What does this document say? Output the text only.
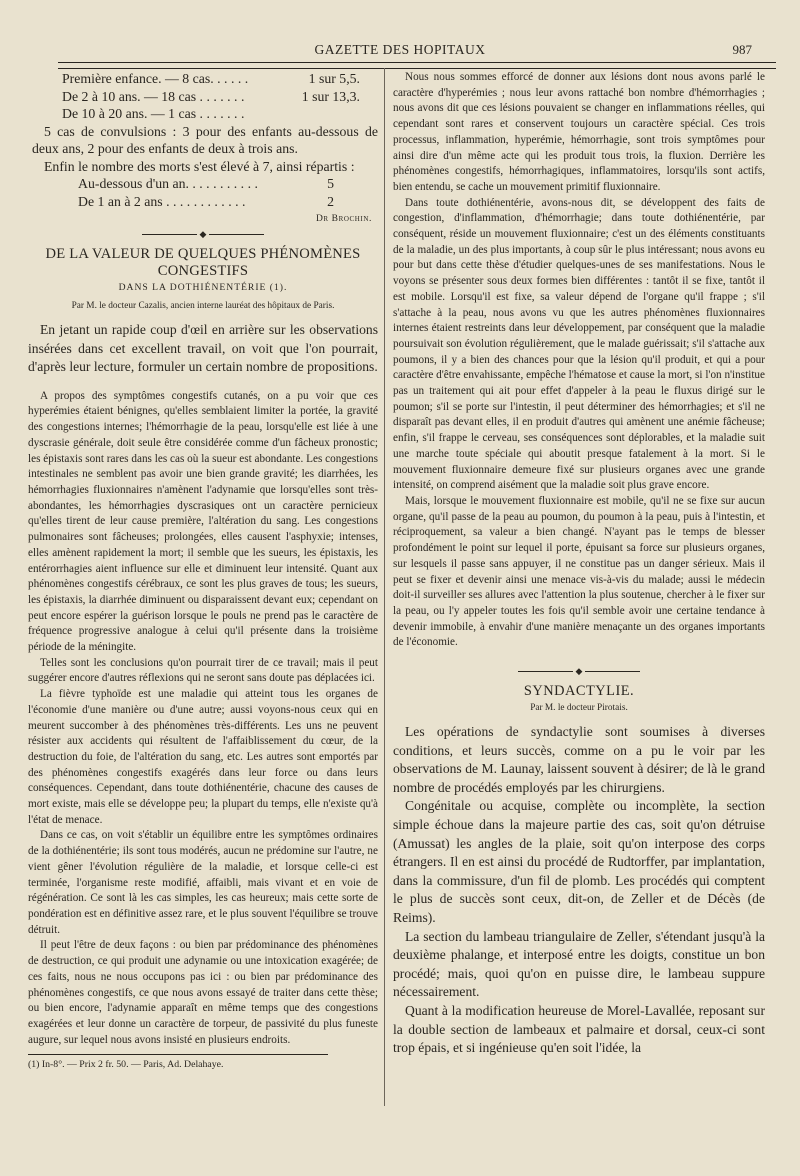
GAZETTE DES HOPITAUX	987
Première enfance. — 8 cas. . . . . .	1 sur 5,5.
De 2 à 10 ans. — 18 cas . . . . . . .	1 sur 13,3.
De 10 à 20 ans. — 1 cas . . . . . . .

5 cas de convulsions : 3 pour des enfants au-dessous de deux ans, 2 pour des enfants de deux à trois ans.

Enfin le nombre des morts s'est élevé à 7, ainsi répartis :

Au-dessous d'un an. . . . . . . . . . .	5
De 1 an à 2 ans . . . . . . . . . . . .	2
Dr Brochin.
◆
DE LA VALEUR DE QUELQUES PHÉNOMÈNES CONGESTIFS
DANS LA DOTHIÉNENTÉRIE (1).
Par M. le docteur Cazalis, ancien interne lauréat des hôpitaux de Paris.

En jetant un rapide coup d'œil en arrière sur les observations insérées dans cet excellent travail, on voit que l'on pourrait, d'après leur lecture, formuler un certain nombre de propositions.

A propos des symptômes congestifs cutanés, on a pu voir que ces hyperémies étaient bénignes, qu'elles semblaient limiter la portée, la gravité des congestions internes; l'hémorrhagie de la peau, lorsqu'elle est liée à une dyscrasie générale, doit seule être considérée comme d'un fâcheux pronostic; les épistaxis sont rares dans les cas où la sueur est abondante. Les congestions intestinales ne semblent pas avoir une bien grande gravité; les diarrhées, les hémorrhagies fluxionnaires n'amènent l'adynamie que lorsqu'elles sont très-abondantes, les hémorrhagies dyscrasiques ont un caractère pernicieux qu'elles tirent de leur cause première, l'altération du sang. Les congestions pulmonaires sont fâcheuses; prolongées, elles causent l'asphyxie; intenses, elles amènent rapidement la mort; il semble que les sueurs, les épistaxis, les entérorrhagies aient influence sur elle et diminuent leur intensité. Quant aux phénomènes congestifs cérébraux, ce sont les plus graves de tous; les sueurs, les épistaxis, la diarrhée diminuent ou disparaissent devant eux; cependant on peut encore espérer la guérison lorsque le pouls ne prend pas le caractère de fréquence progressive analogue à celui qu'il présente dans la troisième période de la méningite.

Telles sont les conclusions qu'on pourrait tirer de ce travail; mais il peut suggérer encore d'autres réflexions qui ne seront sans doute pas déplacées ici.

La fièvre typhoïde est une maladie qui atteint tous les organes de l'économie d'une manière ou d'une autre; aussi voyons-nous ceux qui en meurent succomber à des phénomènes très-différents. Les uns ne peuvent résister aux accidents qui résultent de l'affaiblissement du cœur, de la destruction du foie, de l'altération du sang, etc. Les autres sont emportés par des phénomènes congestifs exagérés dans leur force ou dans leurs conséquences. Cependant, dans toute dothiénentérie, chacune des causes de mort existe, mais elle se développe peu; la plupart du temps, elle n'existe qu'à l'état de menace.

Dans ce cas, on voit s'établir un équilibre entre les symptômes ordinaires de la dothiénentérie; ils sont tous modérés, aucun ne prédomine sur l'autre, ne vient gêner l'évolution régulière de la maladie, et lorsque celle-ci est terminée, l'organisme reste modifié, affaibli, mais vivant et en voie de régénération. Ce sont là les cas simples, les cas heureux; mais cette sorte de pondération est en définitive assez rare, et le plus souvent l'équilibre se trouve détruit.

Il peut l'être de deux façons : ou bien par prédominance des phénomènes de destruction, ce qui produit une adynamie ou une intoxication exagérée; de ces faits, nous ne nous occupons pas ici : ou bien par prédominance des phénomènes congestifs, ce que nous avons essayé de traiter dans cette thèse; ou bien encore, l'adynamie apparaît en même temps que des congestions exagérées et leur donne un caractère de torpeur, de passivité du plus funeste augure, sur lequel nous avons insisté en plusieurs endroits.

(1) In-8°. — Prix 2 fr. 50. — Paris, Ad. Delahaye.

Nous nous sommes efforcé de donner aux lésions dont nous avons parlé le caractère d'hyperémies ; nous leur avons rattaché bon nombre d'hémorrhagies ; nous avons dit que ces lésions pouvaient se changer en inflammations réelles, qui cependant sont rares et conservent toujours un caractère spécial. Ces trois processus, inflammation, hyperémie, hémorrhagie, sont trois symptômes pour ainsi dire d'un même acte qui les produit tous trois, la fluxion. Derrière les phénomènes congestifs, hémorrhagiques, inflammatoires, lorsqu'ils sont actifs, bien entendu, se cache un mouvement primitif fluxionnaire.

Dans toute dothiénentérie, avons-nous dit, se développent des faits de congestion, d'inflammation, d'hémorrhagie; dans toute dothiénentérie, par conséquent, réside un mouvement fluxionnaire; c'est un des éléments constituants de la maladie, un des plus importants, à coup sûr le plus intéressant; nous avons eu pour but dans cette thèse d'étudier quelques-unes de ses manifestations. Nous le voyons se présenter sous deux formes bien différentes : tantôt il se fixe, tantôt il est mobile. Lorsqu'il est fixe, sa valeur dépend de l'organe qu'il frappe ; s'il s'attache à la peau, nous avons vu que les autres phénomènes fluxionnaires internes étaient restreints dans leur développement, par conséquent que la maladie poursuivait son évolution régulièrement, que le malade guérissait; s'il s'attache aux poumons, il y a bien des chances pour que la lésion qu'il produit, et qui a pour caractère d'être envahissante, empêche l'hématose et cause la mort, si l'on n'institue pas un traitement qui ait pour effet d'appeler à la peau le fluxus dirigé sur le poumon; s'il se porte sur l'intestin, il peut déterminer des hémorrhagies; et s'il ne disparaît pas devant elles, il en produit d'autres qui amènent une anémie fâcheuse; enfin, s'il frappe le cerveau, ses conséquences sont déplorables, et la maladie suit une marche toute spéciale qui aboutit presque fatalement à la mort. Si le mouvement fluxionnaire demeure fixé sur plusieurs organes avec une grande intensité, on comprend aisément que la maladie soit plus grave encore.

Mais, lorsque le mouvement fluxionnaire est mobile, qu'il ne se fixe sur aucun organe, qu'il passe de la peau au poumon, du poumon à la peau, puis à l'intestin, et réciproquement, sa valeur a bien changé. N'ayant pas le temps de blesser profondément le point sur lequel il porte, épuisant sa force sur plusieurs organes, sur lesquels il passe sans appuyer, il ne constitue pas un danger sérieux. Mais il peut se fixer et devenir ainsi une menace vis-à-vis du malade; aussi le médecin doit-il surveiller ses allures avec l'attention la plus soutenue, chercher à le fixer sur la peau, ou l'y appeler toutes les fois qu'il semble avoir une certaine tendance à devenir immobile, à envahir d'une manière menaçante un des organes importants de l'économie.

◆
SYNDACTYLIE.
Par M. le docteur Pirotais.

Les opérations de syndactylie sont soumises à diverses conditions, et leurs succès, comme on a pu le voir par les observations de M. Launay, laissent souvent à désirer; de là le grand nombre de procédés employés par les chirurgiens.

Congénitale ou acquise, complète ou incomplète, la section simple échoue dans la majeure partie des cas, soit qu'on détruise (Amussat) les angles de la plaie, soit qu'on interpose des corps étrangers. Il en est ainsi du procédé de Rudtorffer, par implantation, dans la commissure, d'un fil de plomb. Les procédés qui comptent le plus de succès sont ceux, dit-on, de Zeller et de Décès (de Reims).

La section du lambeau triangulaire de Zeller, s'étendant jusqu'à la deuxième phalange, et interposé entre les doigts, constitue un bon procédé; mais, quoi qu'on en puisse dire, le lambeau suppure nécessairement.

Quant à la modification heureuse de Morel-Lavallée, reposant sur la double section de lambeaux et palmaire et dorsal, ceux-ci sont trop épais, et si ingénieuse qu'en soit l'idée, la
